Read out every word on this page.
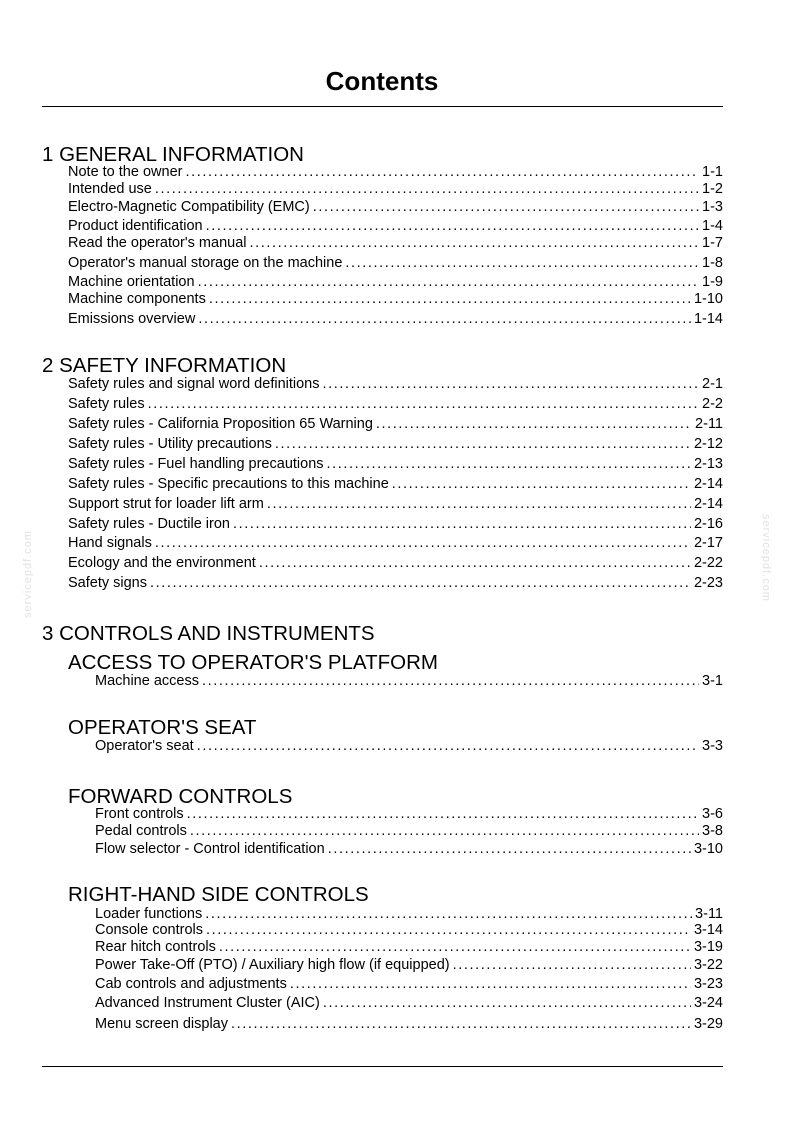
Contents
1 GENERAL INFORMATION
Note to the owner .....	1-1
Intended use .....	1-2
Electro-Magnetic Compatibility (EMC) .....	1-3
Product identification .....	1-4
Read the operator's manual .....	1-7
Operator's manual storage on the machine .....	1-8
Machine orientation .....	1-9
Machine components .....	1-10
Emissions overview .....	1-14
2 SAFETY INFORMATION
Safety rules and signal word definitions .....	2-1
Safety rules .....	2-2
Safety rules - California Proposition 65 Warning .....	2-11
Safety rules - Utility precautions .....	2-12
Safety rules - Fuel handling precautions .....	2-13
Safety rules - Specific precautions to this machine .....	2-14
Support strut for loader lift arm .....	2-14
Safety rules - Ductile iron .....	2-16
Hand signals .....	2-17
Ecology and the environment .....	2-22
Safety signs .....	2-23
3 CONTROLS AND INSTRUMENTS
ACCESS TO OPERATOR'S PLATFORM
Machine access .....	3-1
OPERATOR'S SEAT
Operator's seat .....	3-3
FORWARD CONTROLS
Front controls .....	3-6
Pedal controls .....	3-8
Flow selector - Control identification .....	3-10
RIGHT-HAND SIDE CONTROLS
Loader functions .....	3-11
Console controls .....	3-14
Rear hitch controls .....	3-19
Power Take-Off (PTO) / Auxiliary high flow (if equipped) .....	3-22
Cab controls and adjustments .....	3-23
Advanced Instrument Cluster (AIC) .....	3-24
Menu screen display .....	3-29
servicepdf.com	servicepdf.com
